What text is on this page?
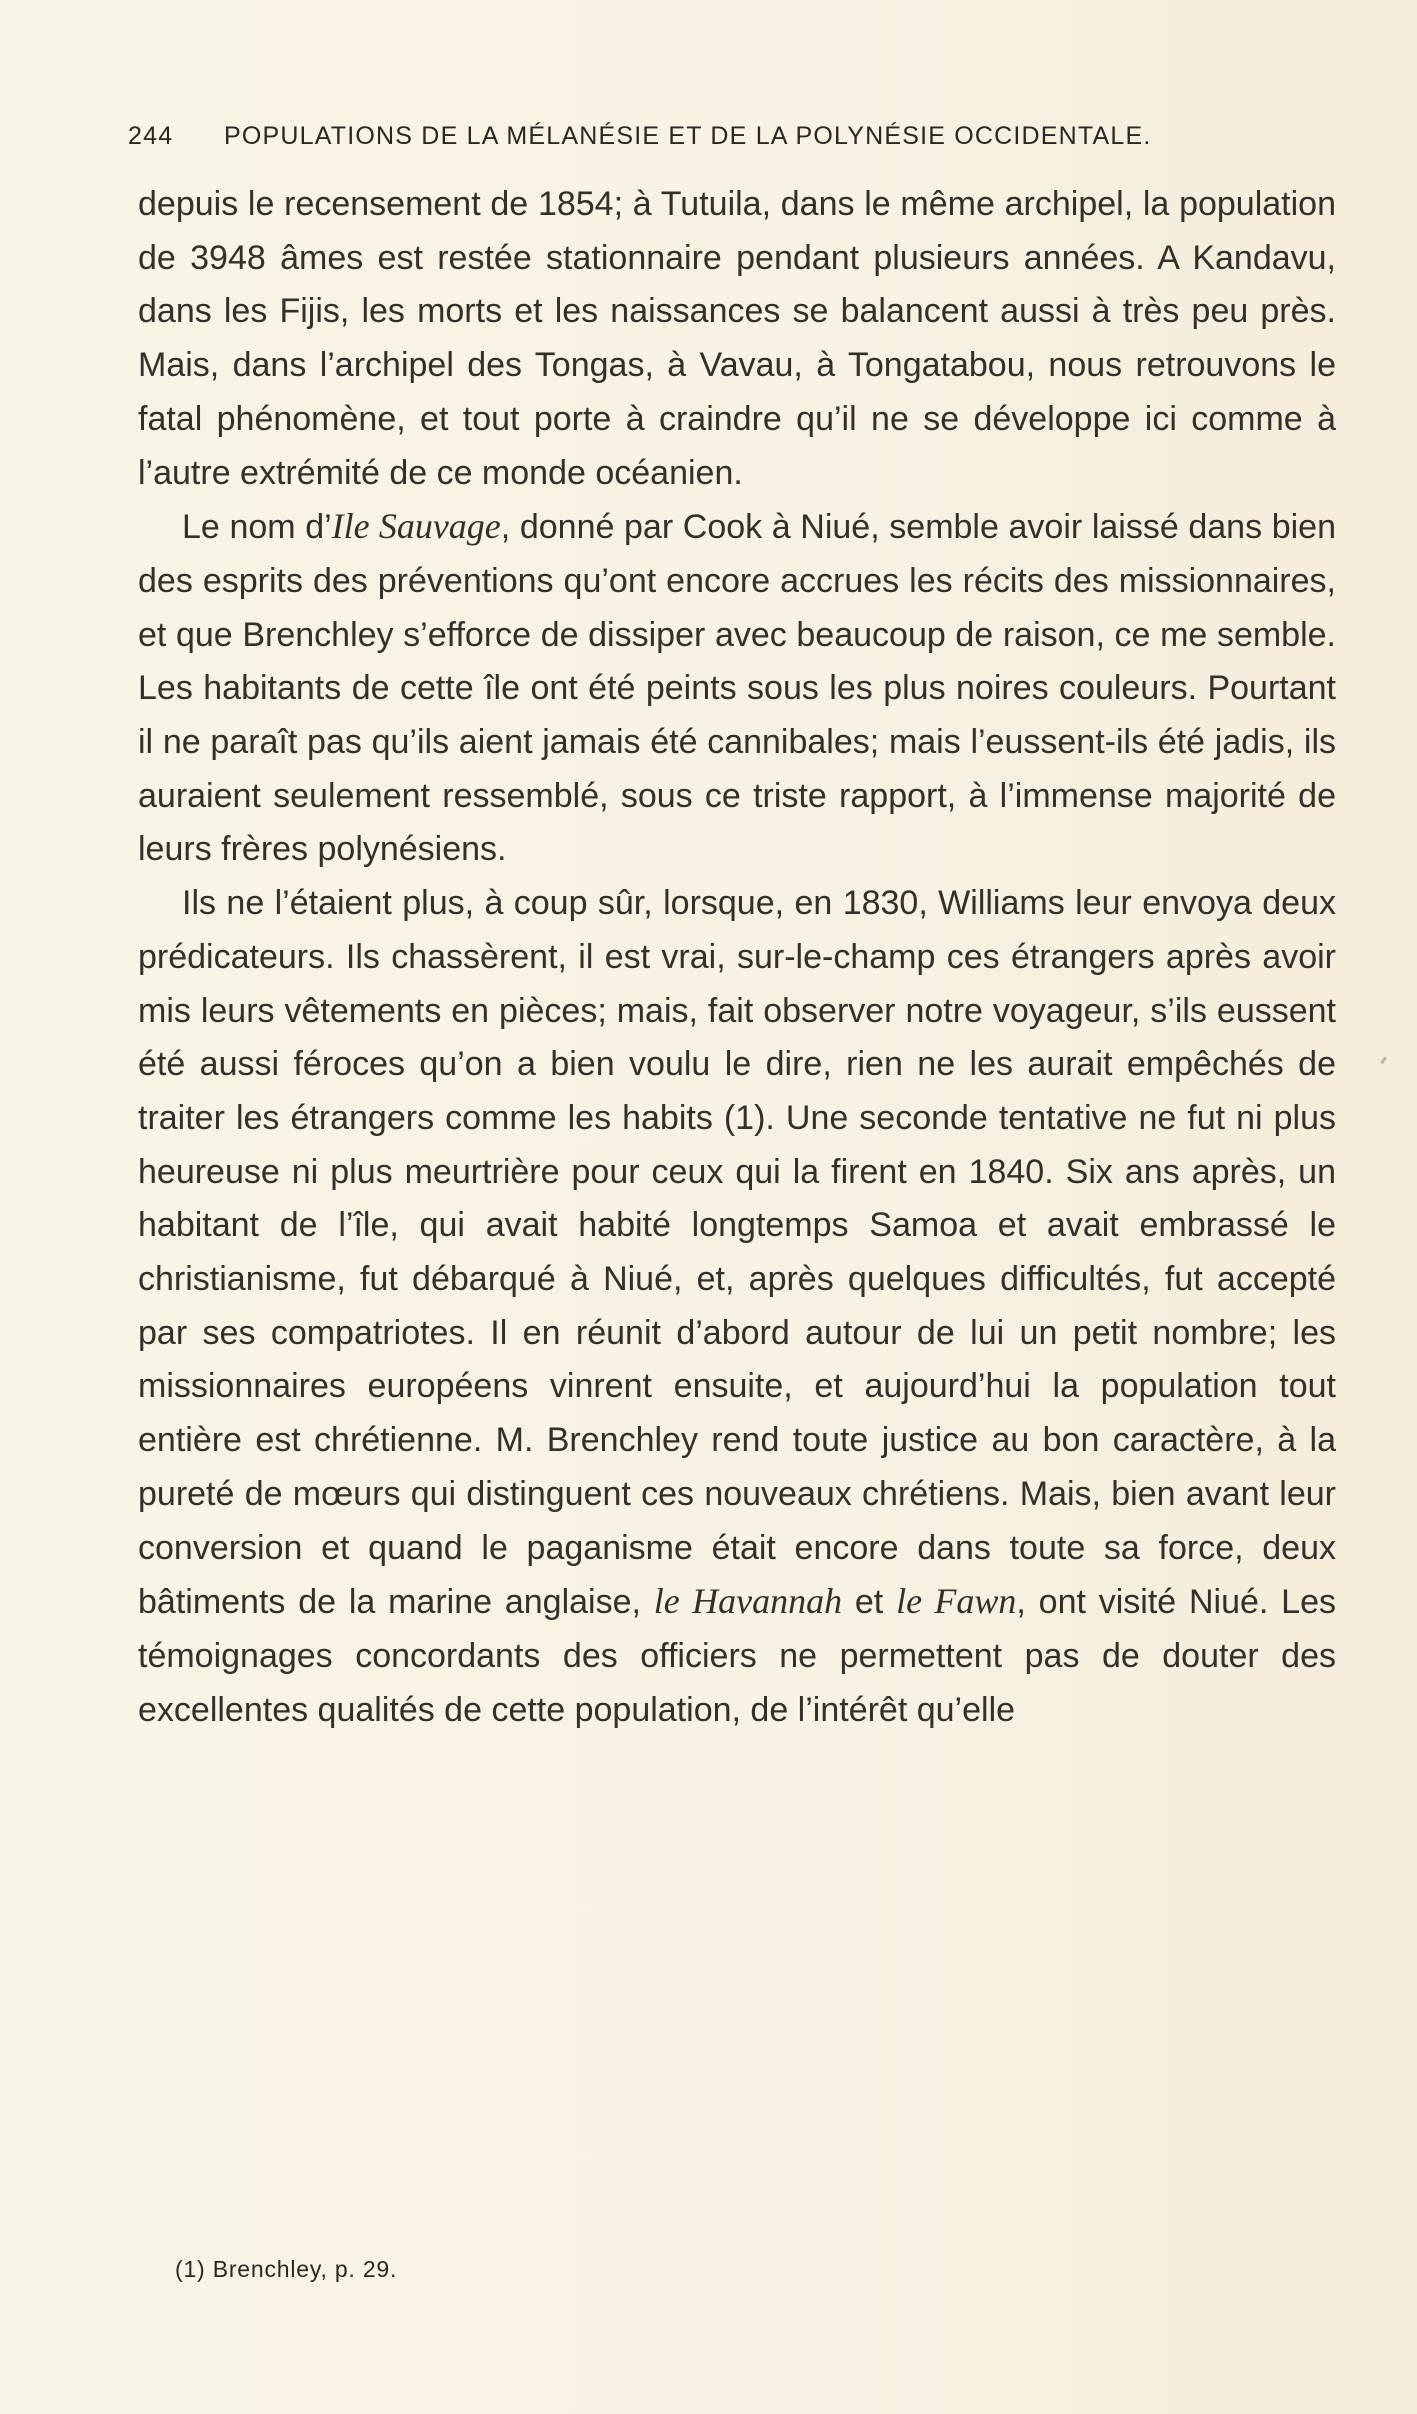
244 POPULATIONS DE LA MÉLANÉSIE ET DE LA POLYNÉSIE OCCIDENTALE.

depuis le recensement de 1854; à Tutuila, dans le même archipel, la population de 3948 âmes est restée stationnaire pendant plusieurs années. A Kandavu, dans les Fijis, les morts et les naissances se balancent aussi à très peu près. Mais, dans l’archipel des Tongas, à Vavau, à Tongatabou, nous retrouvons le fatal phénomène, et tout porte à craindre qu’il ne se développe ici comme à l’autre extrémité de ce monde océanien.

Le nom d’Ile Sauvage, donné par Cook à Niué, semble avoir laissé dans bien des esprits des préventions qu’ont encore accrues les récits des missionnaires, et que Brenchley s’efforce de dissiper avec beaucoup de raison, ce me semble. Les habitants de cette île ont été peints sous les plus noires couleurs. Pourtant il ne paraît pas qu’ils aient jamais été cannibales; mais l’eussent-ils été jadis, ils auraient seulement ressemblé, sous ce triste rapport, à l’immense majorité de leurs frères polynésiens.

Ils ne l’étaient plus, à coup sûr, lorsque, en 1830, Williams leur envoya deux prédicateurs. Ils chassèrent, il est vrai, sur-le-champ ces étrangers après avoir mis leurs vêtements en pièces; mais, fait observer notre voyageur, s’ils eussent été aussi féroces qu’on a bien voulu le dire, rien ne les aurait empêchés de traiter les étrangers comme les habits (1). Une seconde tentative ne fut ni plus heureuse ni plus meurtrière pour ceux qui la firent en 1840. Six ans après, un habitant de l’île, qui avait habité longtemps Samoa et avait embrassé le christianisme, fut débarqué à Niué, et, après quelques difficultés, fut accepté par ses compatriotes. Il en réunit d’abord autour de lui un petit nombre; les missionnaires européens vinrent ensuite, et aujourd’hui la population tout entière est chrétienne. M. Brenchley rend toute justice au bon caractère, à la pureté de mœurs qui distinguent ces nouveaux chrétiens. Mais, bien avant leur conversion et quand le paganisme était encore dans toute sa force, deux bâtiments de la marine anglaise, le Havannah et le Fawn, ont visité Niué. Les témoignages concordants des officiers ne permettent pas de douter des excellentes qualités de cette population, de l’intérêt qu’elle

(1) Brenchley, p. 29.
